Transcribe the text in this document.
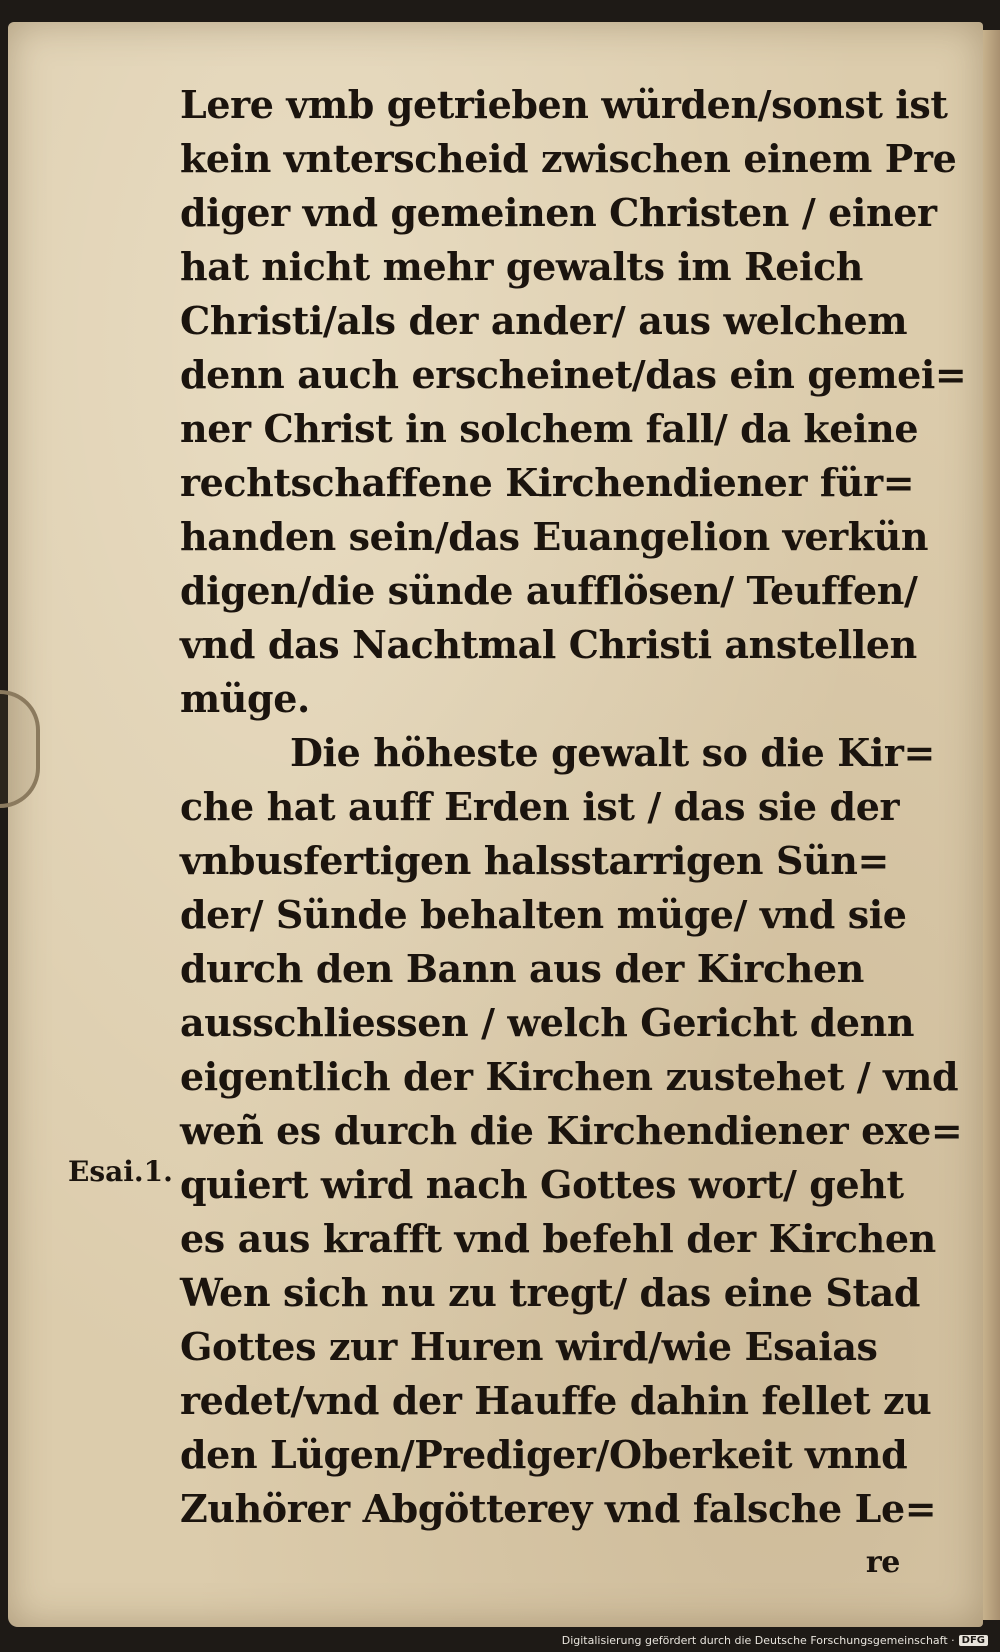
Lere vmb getrieben würden/sonst ist
kein vnterscheid zwischen einem Pre
diger vnd gemeinen Christen / einer
hat nicht mehr gewalts im Reich
Christi/als der ander/ aus welchem
denn auch erscheinet/das ein gemei=
ner Christ in solchem fall/ da keine
rechtschaffene Kirchendiener für=
handen sein/das Euangelion verkün
digen/die sünde aufflösen/ Teuffen/
vnd das Nachtmal Christi anstellen
müge.
Die höheste gewalt so die Kir=
che hat auff Erden ist / das sie der
vnbusfertigen halsstarrigen Sün=
der/ Sünde behalten müge/ vnd sie
durch den Bann aus der Kirchen
ausschliessen / welch Gericht denn
eigentlich der Kirchen zustehet / vnd
weñ es durch die Kirchendiener exe=
quiert wird nach Gottes wort/ geht
es aus krafft vnd befehl der Kirchen
Wen sich nu zu tregt/ das eine Stad
Gottes zur Huren wird/wie Esaias
redet/vnd der Hauffe dahin fellet zu
den Lügen/Prediger/Oberkeit vnnd
Zuhörer Abgötterey vnd falsche Le=
re
Esai.1.
Digitalisierung gefördert durch die Deutsche Forschungsgemeinschaft · DFG
